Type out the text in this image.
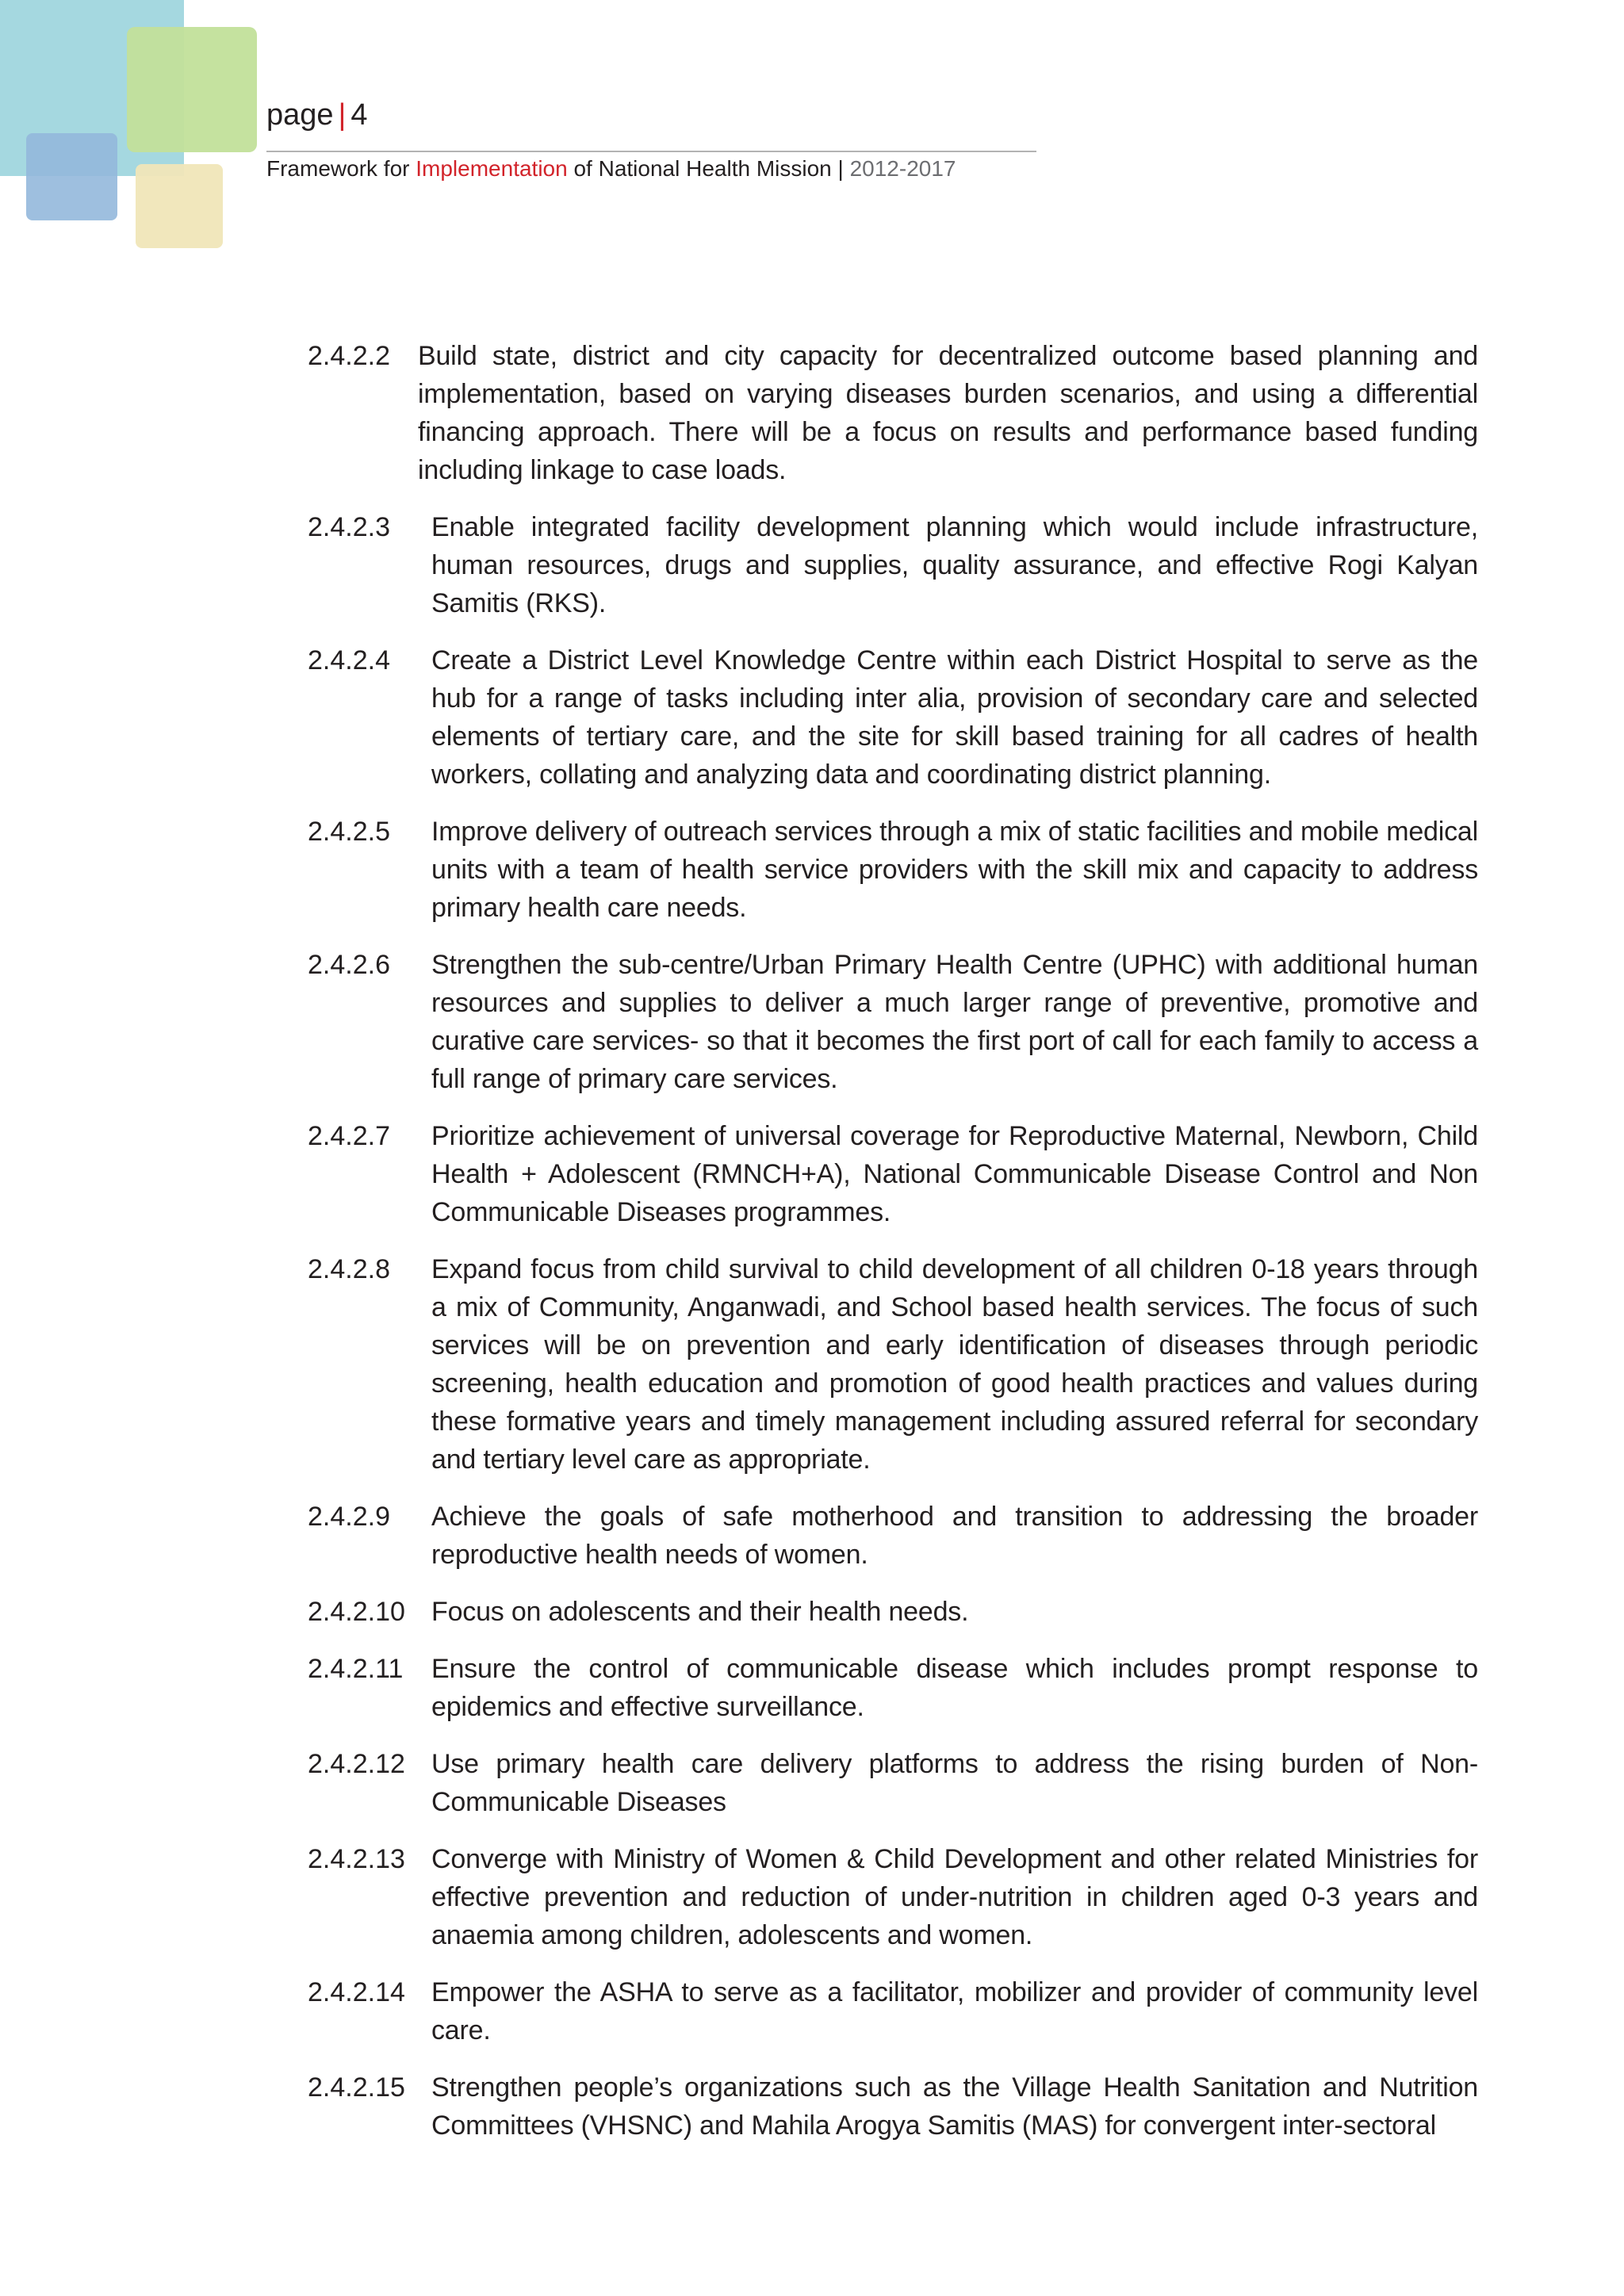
page | 4
Framework for Implementation of National Health Mission | 2012-2017
2.4.2.2	Build state, district and city capacity for decentralized outcome based planning and implementation, based on varying diseases burden scenarios, and using a differential financing approach. There will be a focus on results and performance based funding including linkage to case loads.
2.4.2.3	Enable integrated facility development planning which would include infrastructure, human resources, drugs and supplies, quality assurance, and effective Rogi Kalyan Samitis (RKS).
2.4.2.4	Create a District Level Knowledge Centre within each District Hospital to serve as the hub for a range of tasks including inter alia, provision of secondary care and selected elements of tertiary care, and the site for skill based training for all cadres of health workers, collating and analyzing data and coordinating district planning.
2.4.2.5	Improve delivery of outreach services through a mix of static facilities and mobile medical units with a team of health service providers with the skill mix and capacity to address primary health care needs.
2.4.2.6	Strengthen the sub-centre/Urban Primary Health Centre (UPHC) with additional human resources and supplies to deliver a much larger range of preventive, promotive and curative care services- so that it becomes the first port of call for each family to access a full range of primary care services.
2.4.2.7	Prioritize achievement of universal coverage for Reproductive Maternal, Newborn, Child Health + Adolescent (RMNCH+A), National Communicable Disease Control and Non Communicable Diseases programmes.
2.4.2.8	Expand focus from child survival to child development of all children 0-18 years through a mix of Community, Anganwadi, and School based health services. The focus of such services will be on prevention and early identification of diseases through periodic screening, health education and promotion of good health practices and values during these formative years and timely management including assured referral for secondary and tertiary level care as appropriate.
2.4.2.9	Achieve the goals of safe motherhood and transition to addressing the broader reproductive health needs of women.
2.4.2.10 Focus on adolescents and their health needs.
2.4.2.11	Ensure the control of communicable disease which includes prompt response to epidemics and effective surveillance.
2.4.2.12 Use primary health care delivery platforms to address the rising burden of Non-Communicable Diseases
2.4.2.13 Converge with Ministry of Women & Child Development and other related Ministries for effective prevention and reduction of under-nutrition in children aged 0-3 years and anaemia among children, adolescents and women.
2.4.2.14 Empower the ASHA to serve as a facilitator, mobilizer and provider of community level care.
2.4.2.15 Strengthen people’s organizations such as the Village Health Sanitation and Nutrition Committees (VHSNC) and Mahila Arogya Samitis (MAS) for convergent inter-sectoral
